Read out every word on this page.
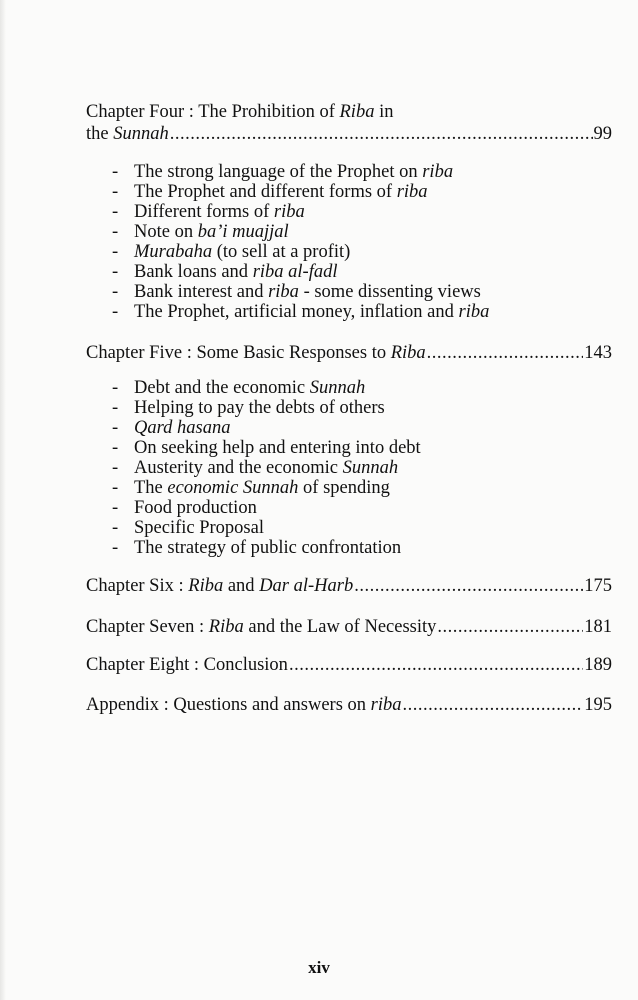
Chapter Four : The Prohibition of Riba in
the Sunnah .....	99
- The strong language of the Prophet on riba
- The Prophet and different forms of riba
- Different forms of riba
- Note on ba’i muajjal
- Murabaha (to sell at a profit)
- Bank loans and riba al-fadl
- Bank interest and riba - some dissenting views
- The Prophet, artificial money, inflation and riba
Chapter Five : Some Basic Responses to Riba .....	143
- Debt and the economic Sunnah
- Helping to pay the debts of others
- Qard hasana
- On seeking help and entering into debt
- Austerity and the economic Sunnah
- The economic Sunnah of spending
- Food production
- Specific Proposal
- The strategy of public confrontation
Chapter Six : Riba and Dar al-Harb .....	175
Chapter Seven : Riba and the Law of Necessity .....	181
Chapter Eight : Conclusion .....	189
Appendix : Questions and answers on riba .....	195
xiv
